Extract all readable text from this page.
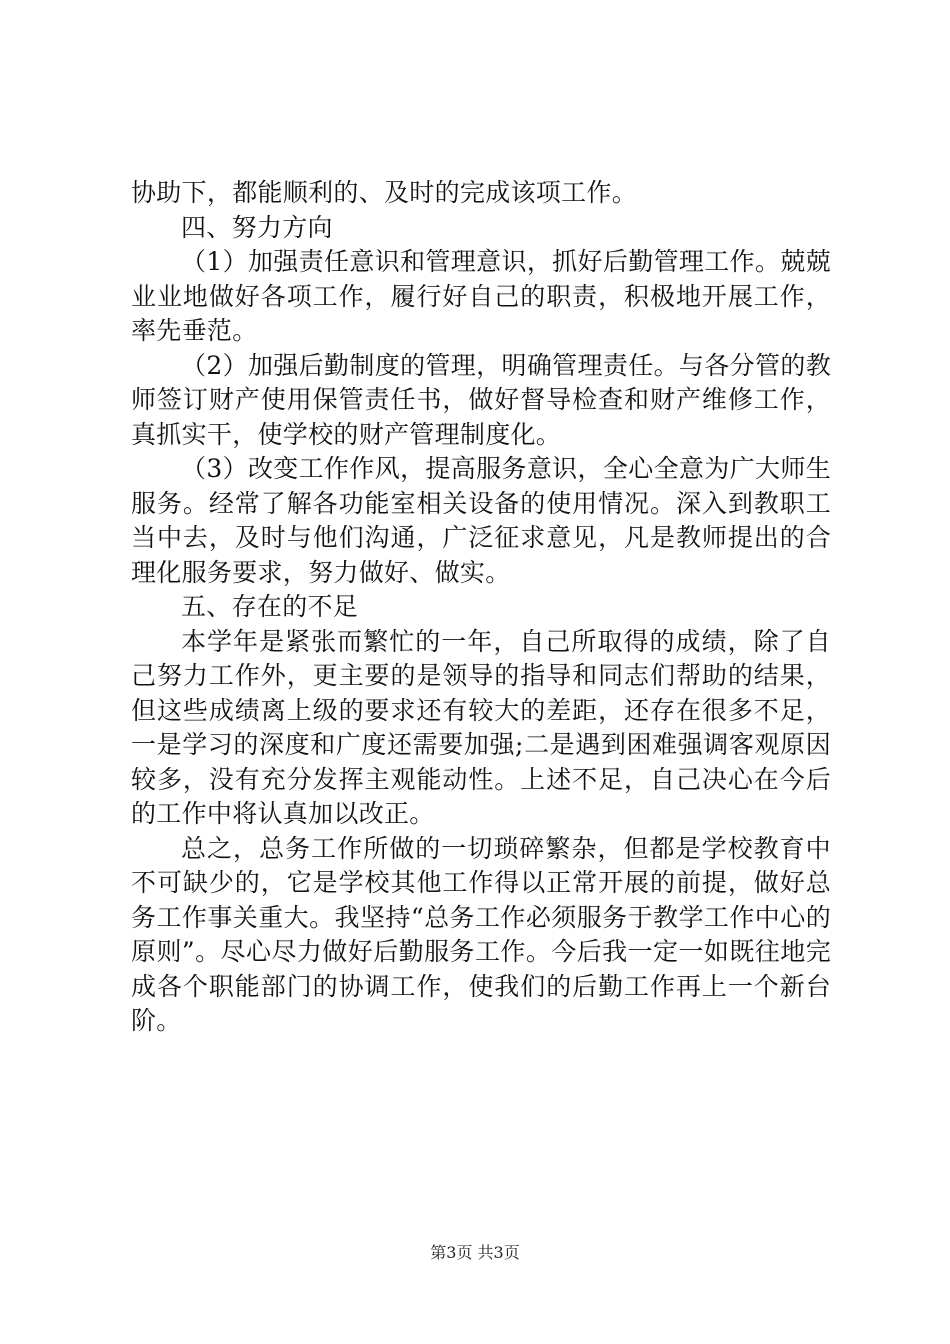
协助下，都能顺利的、及时的完成该项工作。

四、努力方向

（1）加强责任意识和管理意识，抓好后勤管理工作。兢兢业业地做好各项工作，履行好自己的职责，积极地开展工作，率先垂范。

（2）加强后勤制度的管理，明确管理责任。与各分管的教师签订财产使用保管责任书，做好督导检查和财产维修工作，真抓实干，使学校的财产管理制度化。

（3）改变工作作风，提高服务意识，全心全意为广大师生服务。经常了解各功能室相关设备的使用情况。深入到教职工当中去，及时与他们沟通，广泛征求意见，凡是教师提出的合理化服务要求，努力做好、做实。

五、存在的不足

本学年是紧张而繁忙的一年，自己所取得的成绩，除了自己努力工作外，更主要的是领导的指导和同志们帮助的结果，但这些成绩离上级的要求还有较大的差距，还存在很多不足，一是学习的深度和广度还需要加强;二是遇到困难强调客观原因较多，没有充分发挥主观能动性。上述不足，自己决心在今后的工作中将认真加以改正。

总之，总务工作所做的一切琐碎繁杂，但都是学校教育中不可缺少的，它是学校其他工作得以正常开展的前提，做好总务工作事关重大。我坚持“总务工作必须服务于教学工作中心的原则”。尽心尽力做好后勤服务工作。今后我一定一如既往地完成各个职能部门的协调工作，使我们的后勤工作再上一个新台阶。

第3页 共3页
